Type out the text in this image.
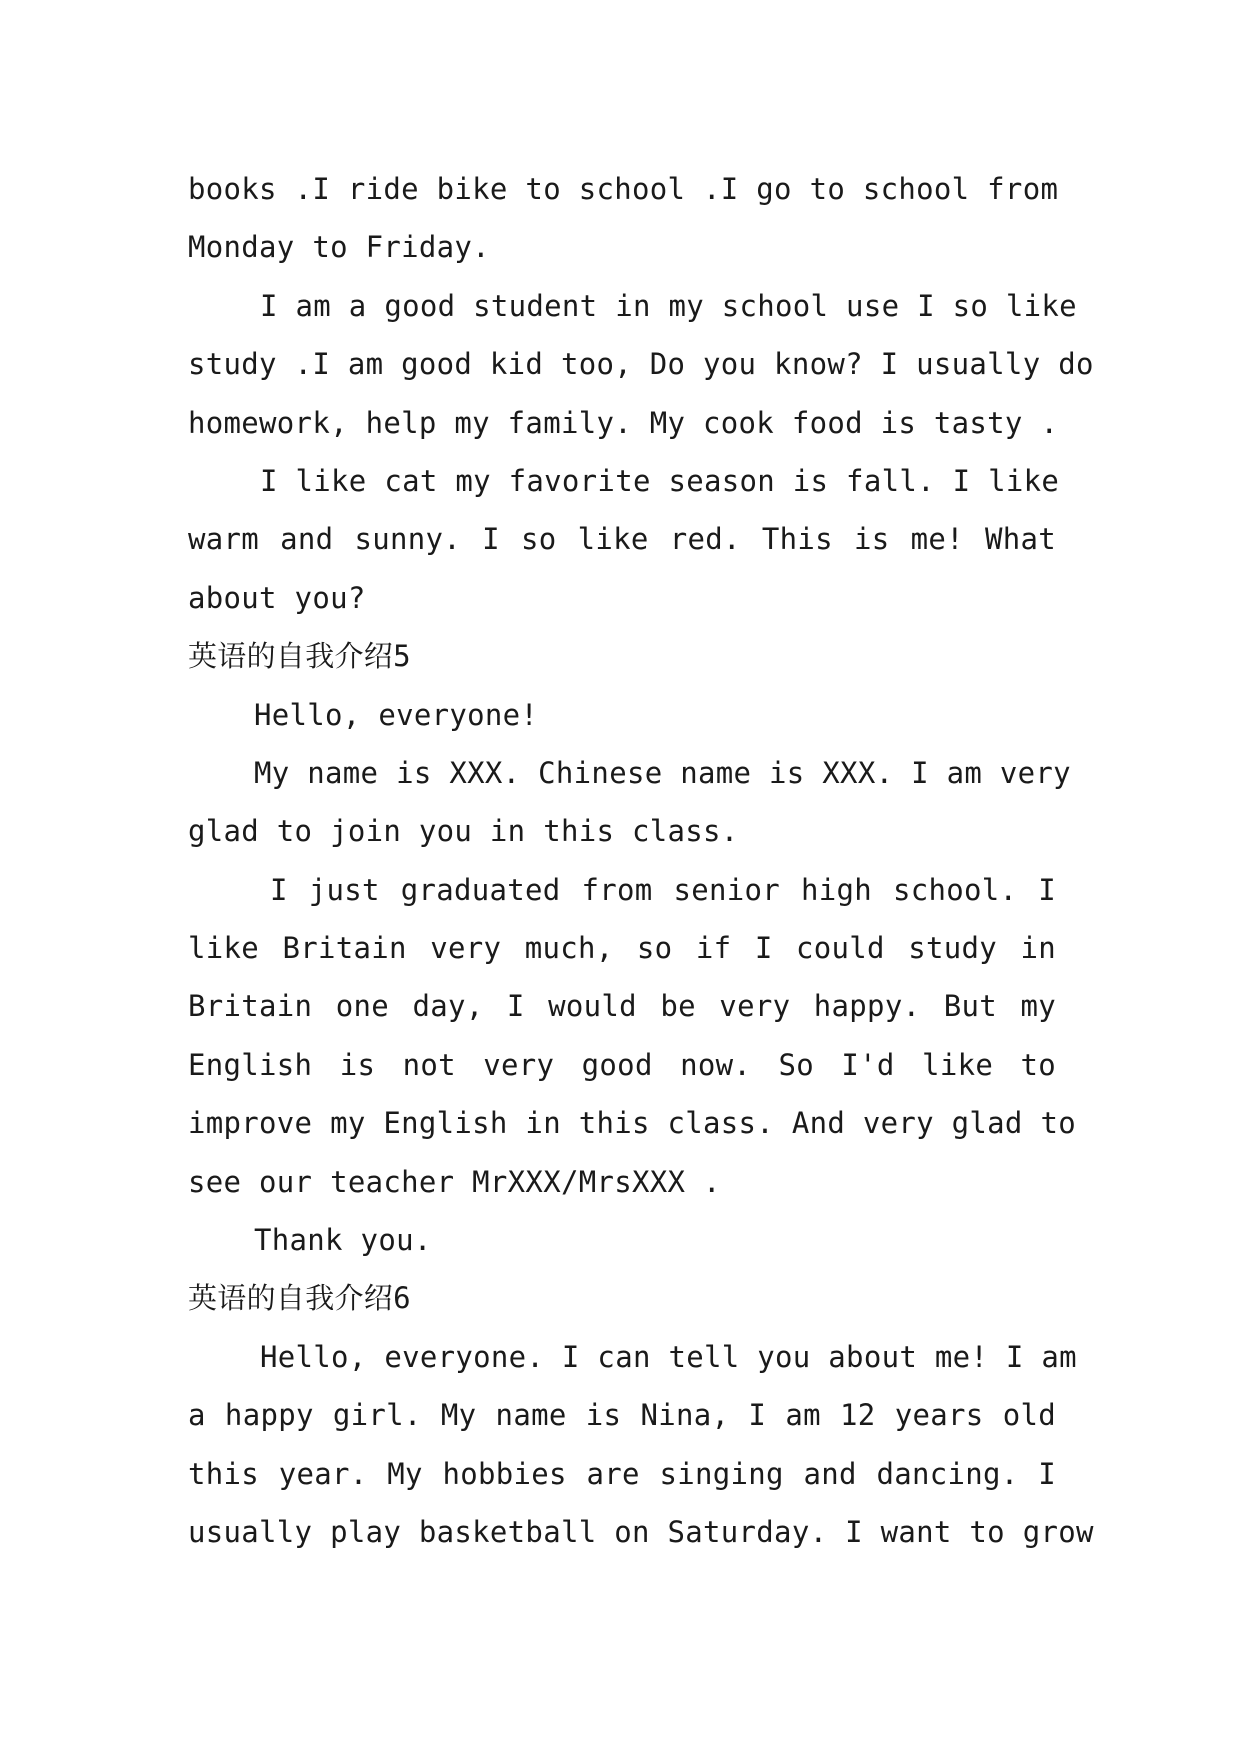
books .I ride bike to school .I go to school from
Monday to Friday.
I am a good student in my school use I so like
study .I am good kid too, Do you know? I usually do
homework, help my family. My cook food is tasty .
I like cat my favorite season is fall. I like
warm and sunny. I so like red. This is me! What
about you?
英语的自我介绍5
Hello, everyone!
My name is XXX. Chinese name is XXX. I am very
glad to join you in this class.
I just graduated from senior high school. I
like Britain very much, so if I could study in
Britain one day, I would be very happy. But my
English is not very good now. So I'd like to
improve my English in this class. And very glad to
see our teacher MrXXX/MrsXXX .
Thank you.
英语的自我介绍6
Hello, everyone. I can tell you about me! I am
a happy girl. My name is Nina, I am 12 years old
this year. My hobbies are singing and dancing. I
usually play basketball on Saturday. I want to grow
